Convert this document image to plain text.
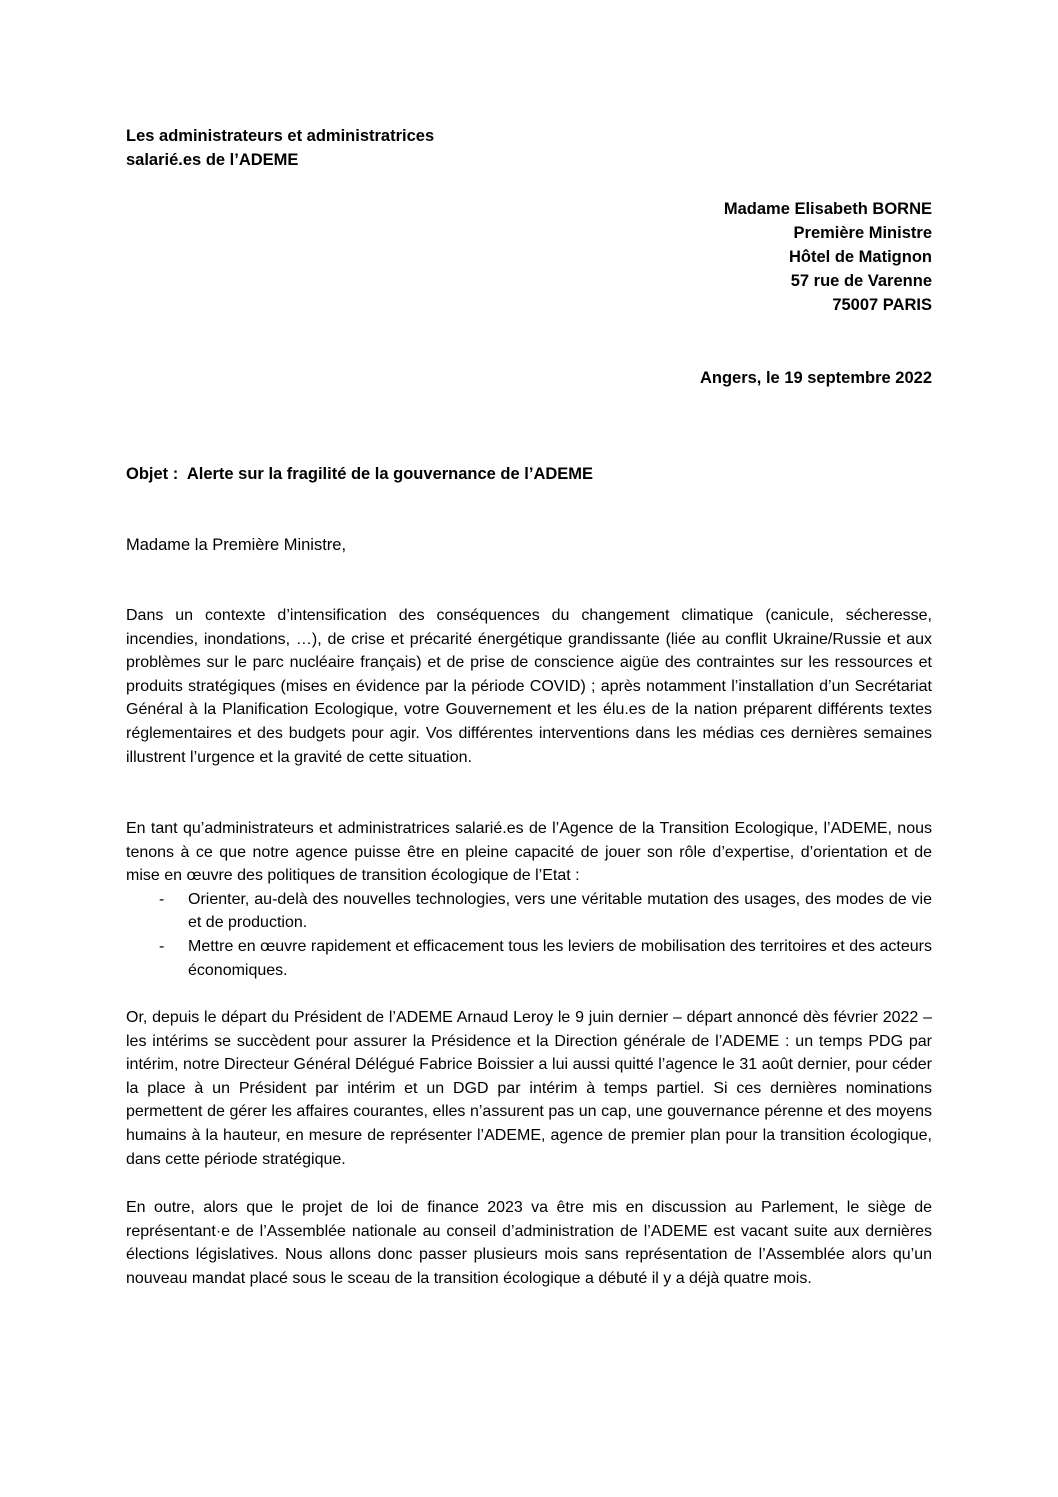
Les administrateurs et administratrices
salarié.es de l’ADEME
Madame Elisabeth BORNE
Première Ministre
Hôtel de Matignon
57 rue de Varenne
75007 PARIS
Angers, le 19 septembre 2022
Objet :  Alerte sur la fragilité de la gouvernance de l’ADEME
Madame la Première Ministre,
Dans un contexte d’intensification des conséquences du changement climatique (canicule, sécheresse, incendies, inondations, …), de crise et précarité énergétique grandissante (liée au conflit Ukraine/Russie et aux problèmes sur le parc nucléaire français) et de prise de conscience aigüe des contraintes sur les ressources et produits stratégiques (mises en évidence par la période COVID) ; après notamment l’installation d’un Secrétariat Général à la Planification Ecologique, votre Gouvernement et les élu.es de la nation préparent différents textes réglementaires et des budgets pour agir. Vos différentes interventions dans les médias ces dernières semaines illustrent l’urgence et la gravité de cette situation.
En tant qu’administrateurs et administratrices salarié.es de l’Agence de la Transition Ecologique, l’ADEME, nous tenons à ce que notre agence puisse être en pleine capacité de jouer son rôle d’expertise, d’orientation et de mise en œuvre des politiques de transition écologique de l’Etat :
- Orienter, au-delà des nouvelles technologies, vers une véritable mutation des usages, des modes de vie et de production.
- Mettre en œuvre rapidement et efficacement tous les leviers de mobilisation des territoires et des acteurs économiques.
Or, depuis le départ du Président de l’ADEME Arnaud Leroy le 9 juin dernier – départ annoncé dès février 2022 – les intérims se succèdent pour assurer la Présidence et la Direction générale de l’ADEME : un temps PDG par intérim, notre Directeur Général Délégué Fabrice Boissier a lui aussi quitté l’agence le 31 août dernier, pour céder la place à un Président par intérim et un DGD par intérim à temps partiel. Si ces dernières nominations permettent de gérer les affaires courantes, elles n’assurent pas un cap, une gouvernance pérenne et des moyens humains à la hauteur, en mesure de représenter l’ADEME, agence de premier plan pour la transition écologique, dans cette période stratégique.
En outre, alors que le projet de loi de finance 2023 va être mis en discussion au Parlement, le siège de représentant·e de l’Assemblée nationale au conseil d’administration de l’ADEME est vacant suite aux dernières élections législatives. Nous allons donc passer plusieurs mois sans représentation de l’Assemblée alors qu’un nouveau mandat placé sous le sceau de la transition écologique a débuté il y a déjà quatre mois.
